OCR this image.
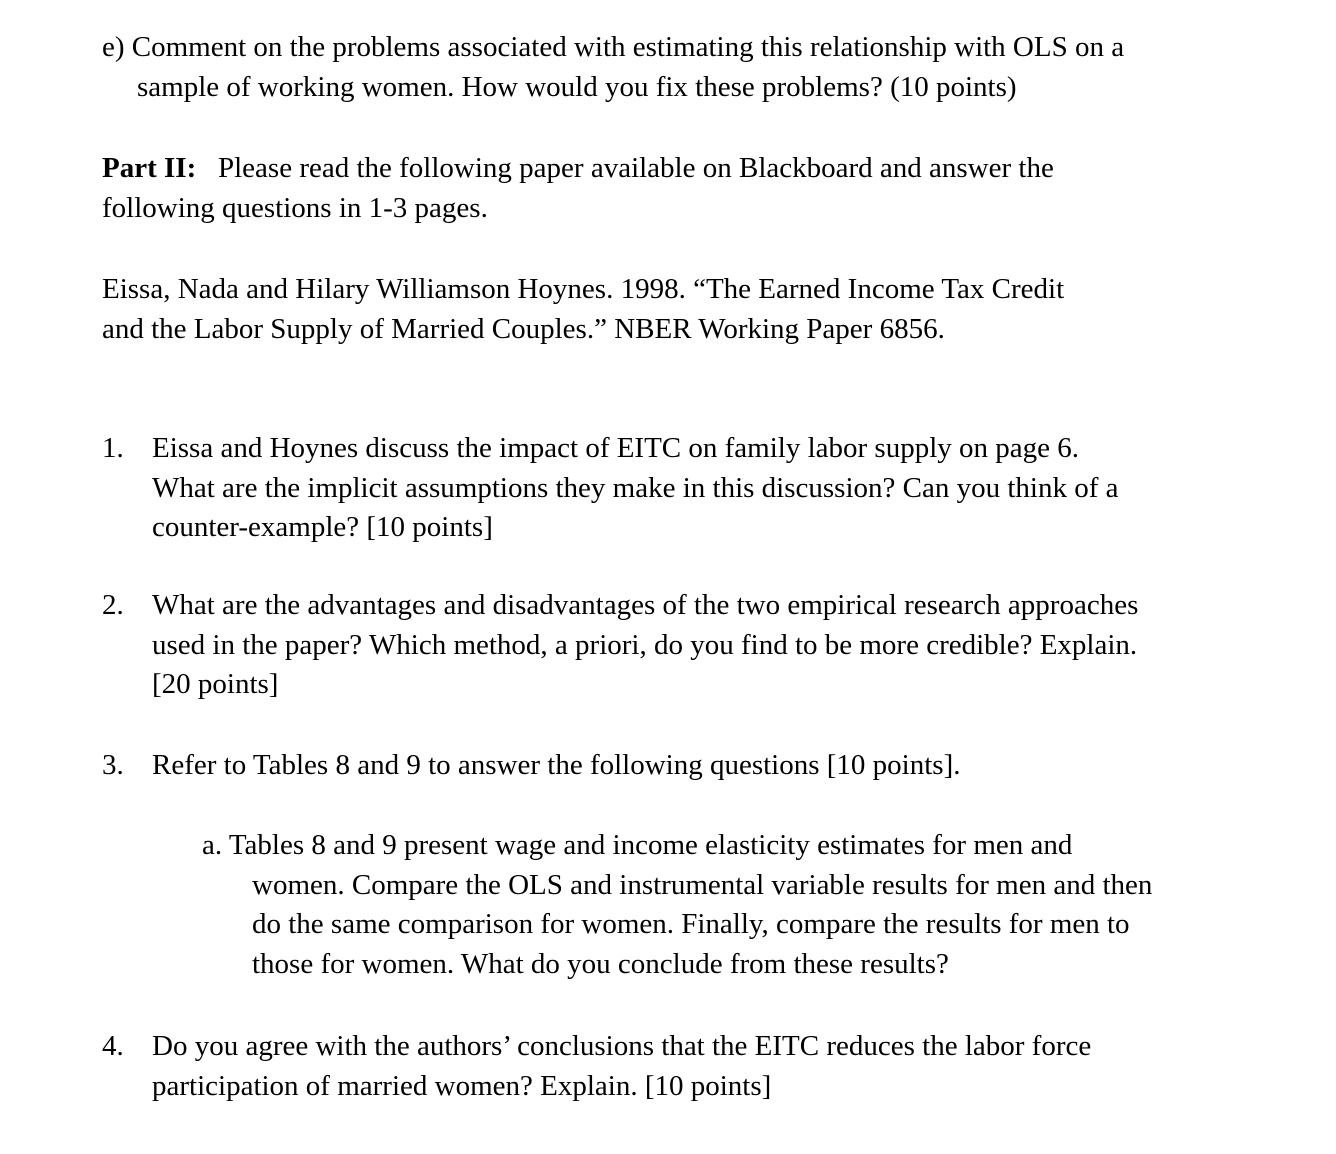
e) Comment on the problems associated with estimating this relationship with OLS on a
sample of working women. How would you fix these problems? (10 points)
Part II:   Please read the following paper available on Blackboard and answer the
following questions in 1-3 pages.
Eissa, Nada and Hilary Williamson Hoynes. 1998. “The Earned Income Tax Credit
and the Labor Supply of Married Couples.” NBER Working Paper 6856.
1. Eissa and Hoynes discuss the impact of EITC on family labor supply on page 6.
What are the implicit assumptions they make in this discussion? Can you think of a
counter-example? [10 points]
2. What are the advantages and disadvantages of the two empirical research approaches
used in the paper? Which method, a priori, do you find to be more credible? Explain.
[20 points]
3. Refer to Tables 8 and 9 to answer the following questions [10 points].
a. Tables 8 and 9 present wage and income elasticity estimates for men and
women. Compare the OLS and instrumental variable results for men and then
do the same comparison for women. Finally, compare the results for men to
those for women. What do you conclude from these results?
4. Do you agree with the authors’ conclusions that the EITC reduces the labor force
participation of married women? Explain. [10 points]
